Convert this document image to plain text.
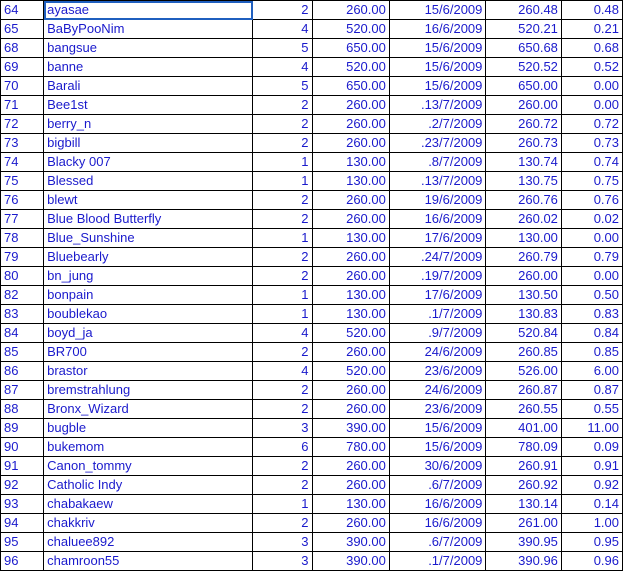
64	ayasae	2	260.00	15/6/2009	260.48	0.48
65	BaByPooNim	4	520.00	16/6/2009	520.21	0.21
68	bangsue	5	650.00	15/6/2009	650.68	0.68
69	banne	4	520.00	15/6/2009	520.52	0.52
70	Barali	5	650.00	15/6/2009	650.00	0.00
71	Bee1st	2	260.00	.13/7/2009	260.00	0.00
72	berry_n	2	260.00	.2/7/2009	260.72	0.72
73	bigbill	2	260.00	.23/7/2009	260.73	0.73
74	Blacky 007	1	130.00	.8/7/2009	130.74	0.74
75	Blessed	1	130.00	.13/7/2009	130.75	0.75
76	blewt	2	260.00	19/6/2009	260.76	0.76
77	Blue Blood Butterfly	2	260.00	16/6/2009	260.02	0.02
78	Blue_Sunshine	1	130.00	17/6/2009	130.00	0.00
79	Bluebearly	2	260.00	.24/7/2009	260.79	0.79
80	bn_jung	2	260.00	.19/7/2009	260.00	0.00
82	bonpain	1	130.00	17/6/2009	130.50	0.50
83	boublekao	1	130.00	.1/7/2009	130.83	0.83
84	boyd_ja	4	520.00	.9/7/2009	520.84	0.84
85	BR700	2	260.00	24/6/2009	260.85	0.85
86	brastor	4	520.00	23/6/2009	526.00	6.00
87	bremstrahlung	2	260.00	24/6/2009	260.87	0.87
88	Bronx_Wizard	2	260.00	23/6/2009	260.55	0.55
89	bugble	3	390.00	15/6/2009	401.00	11.00
90	bukemom	6	780.00	15/6/2009	780.09	0.09
91	Canon_tommy	2	260.00	30/6/2009	260.91	0.91
92	Catholic Indy	2	260.00	.6/7/2009	260.92	0.92
93	chabakaew	1	130.00	16/6/2009	130.14	0.14
94	chakkriv	2	260.00	16/6/2009	261.00	1.00
95	chaluee892	3	390.00	.6/7/2009	390.95	0.95
96	chamroon55	3	390.00	.1/7/2009	390.96	0.96
